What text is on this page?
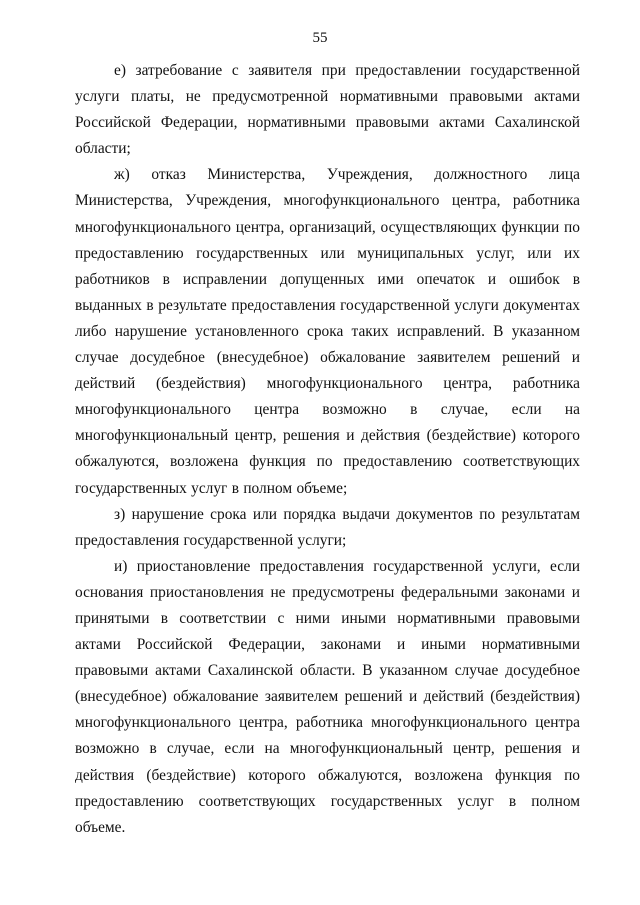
55

е) затребование с заявителя при предоставлении государственной услуги платы, не предусмотренной нормативными правовыми актами Российской Федерации, нормативными правовыми актами Сахалинской области;

ж) отказ Министерства, Учреждения, должностного лица Министерства, Учреждения, многофункционального центра, работника многофункционального центра, организаций, осуществляющих функции по предоставлению государственных или муниципальных услуг, или их работников в исправлении допущенных ими опечаток и ошибок в выданных в результате предоставления государственной услуги документах либо нарушение установленного срока таких исправлений. В указанном случае досудебное (внесудебное) обжалование заявителем решений и действий (бездействия) многофункционального центра, работника многофункционального центра возможно в случае, если на многофункциональный центр, решения и действия (бездействие) которого обжалуются, возложена функция по предоставлению соответствующих государственных услуг в полном объеме;

з) нарушение срока или порядка выдачи документов по результатам предоставления государственной услуги;

и) приостановление предоставления государственной услуги, если основания приостановления не предусмотрены федеральными законами и принятыми в соответствии с ними иными нормативными правовыми актами Российской Федерации, законами и иными нормативными правовыми актами Сахалинской области. В указанном случае досудебное (внесудебное) обжалование заявителем решений и действий (бездействия) многофункционального центра, работника многофункционального центра возможно в случае, если на многофункциональный центр, решения и действия (бездействие) которого обжалуются, возложена функция по предоставлению соответствующих государственных услуг в полном объеме.
